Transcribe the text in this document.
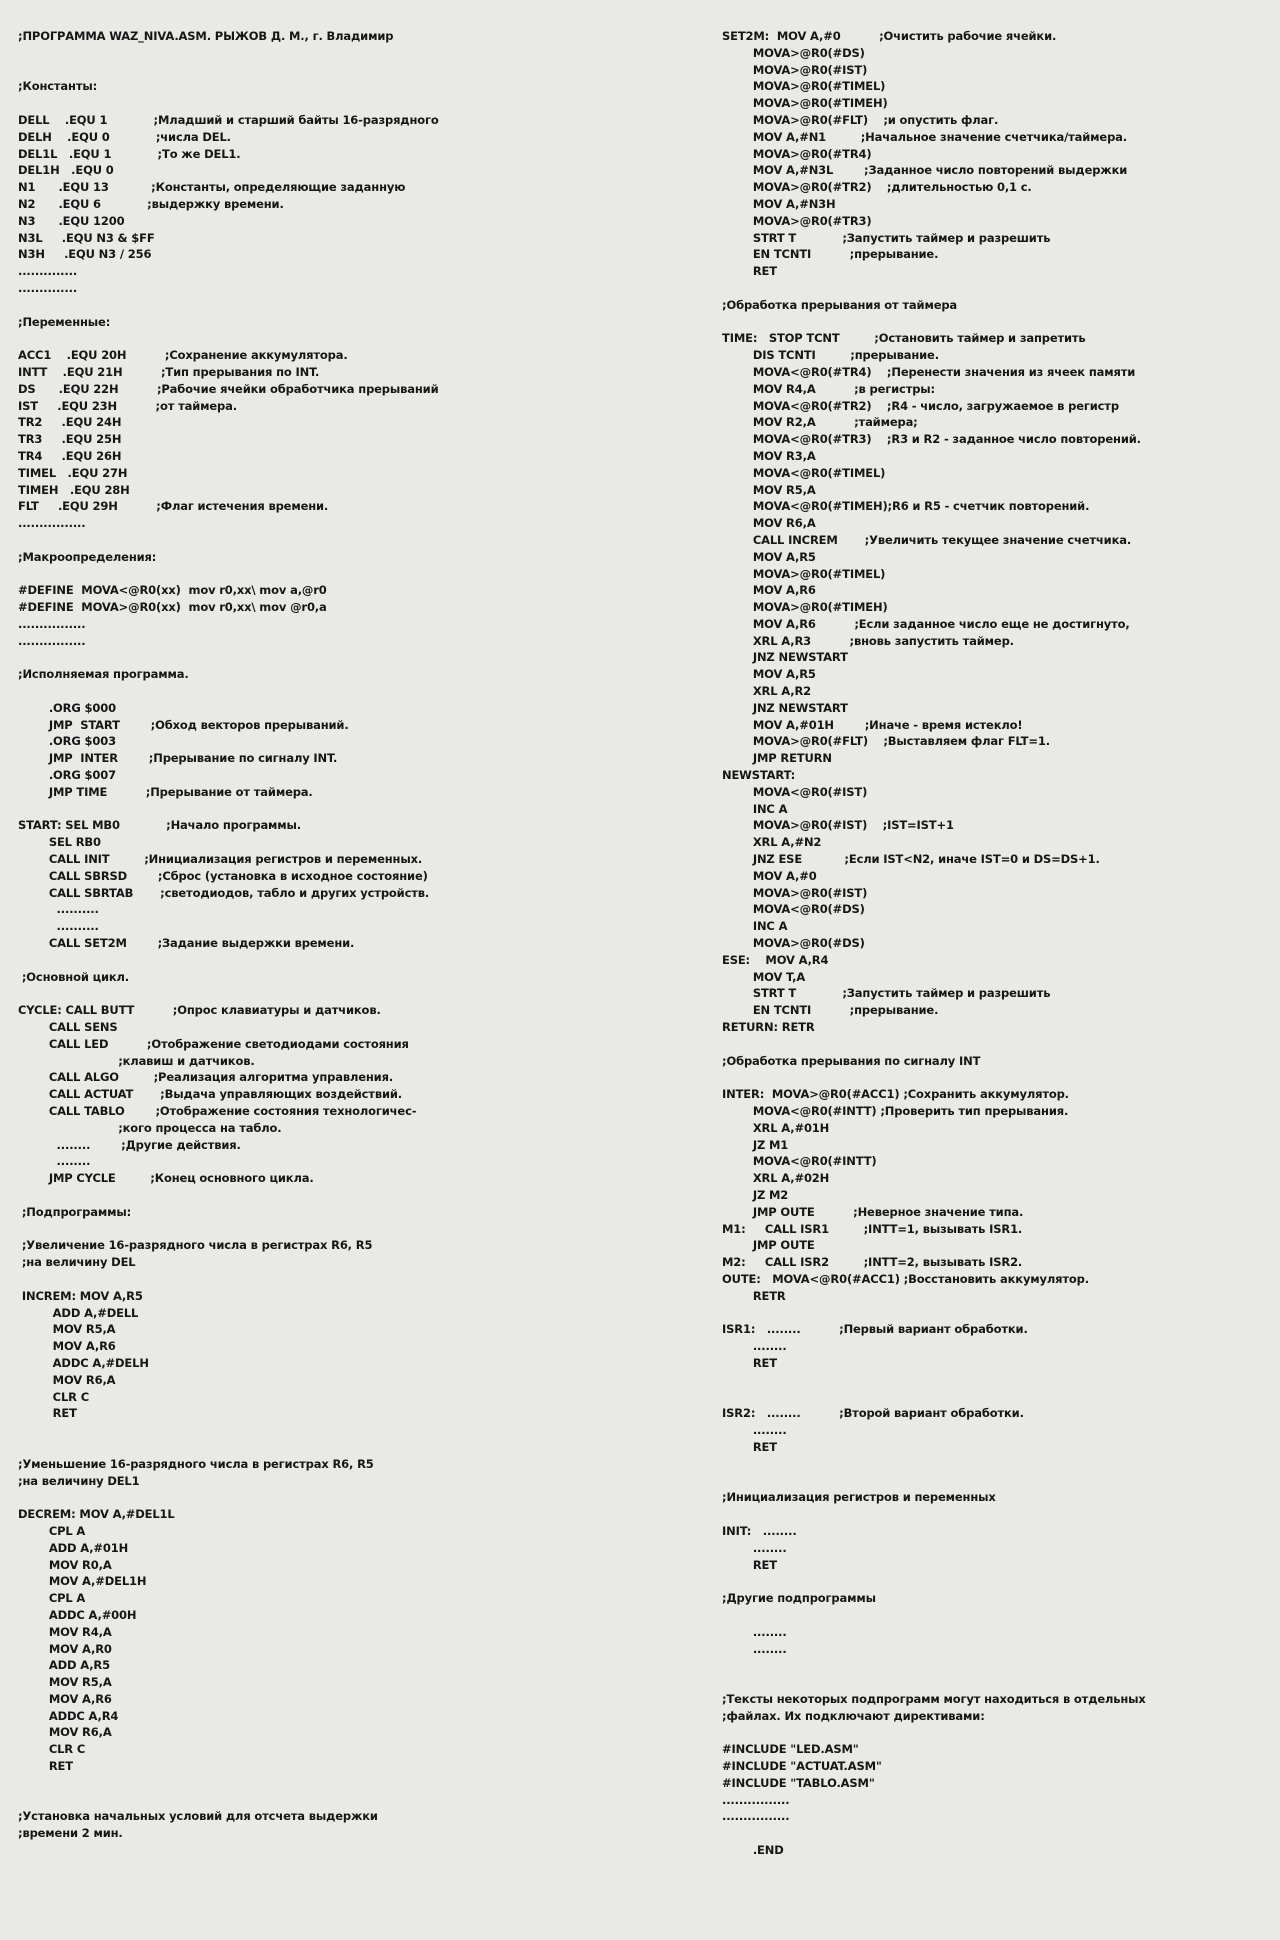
;ПРОГРАММА WAZ_NIVA.ASM. РЫЖОВ Д. М., г. Владимир
;Константы:
DELL    .EQU 1            ;Младший и старший байты 16-разрядного
DELH    .EQU 0            ;числа DEL.
DEL1L   .EQU 1            ;То же DEL1.
DEL1H   .EQU 0
N1      .EQU 13           ;Константы, определяющие заданную
N2      .EQU 6            ;выдержку времени.
N3      .EQU 1200
N3L     .EQU N3 & $FF
N3H     .EQU N3 / 256
..............
..............
;Переменные:
ACC1    .EQU 20H          ;Сохранение аккумулятора.
INTT    .EQU 21H          ;Тип прерывания по INT.
DS      .EQU 22H          ;Рабочие ячейки обработчика прерываний
IST     .EQU 23H          ;от таймера.
TR2     .EQU 24H
TR3     .EQU 25H
TR4     .EQU 26H
TIMEL   .EQU 27H
TIMEH   .EQU 28H
FLT     .EQU 29H          ;Флаг истечения времени.
................
;Макроопределения:
#DEFINE  MOVA<@R0(xx)  mov r0,xx\ mov a,@r0
#DEFINE  MOVA>@R0(xx)  mov r0,xx\ mov @r0,a
................
................
;Исполняемая программа.
.ORG $000
JMP  START        ;Обход векторов прерываний.
.ORG $003
JMP  INTER        ;Прерывание по сигналу INT.
.ORG $007
JMP TIME          ;Прерывание от таймера.
START: SEL MB0            ;Начало программы.
SEL RB0
CALL INIT         ;Инициализация регистров и переменных.
CALL SBRSD        ;Сброс (установка в исходное состояние)
CALL SBRTAB       ;светодиодов, табло и других устройств.
..........
..........
CALL SET2M        ;Задание выдержки времени.
;Основной цикл.
CYCLE: CALL BUTT          ;Опрос клавиатуры и датчиков.
CALL SENS
CALL LED          ;Отображение светодиодами состояния
;клавиш и датчиков.
CALL ALGO         ;Реализация алгоритма управления.
CALL ACTUAT       ;Выдача управляющих воздействий.
CALL TABLO        ;Отображение состояния технологичес-
;кого процесса на табло.
........        ;Другие действия.
........
JMP CYCLE         ;Конец основного цикла.
;Подпрограммы:
;Увеличение 16-разрядного числа в регистрах R6, R5
;на величину DEL
INCREM: MOV A,R5
ADD A,#DELL
MOV R5,A
MOV A,R6
ADDC A,#DELH
MOV R6,A
CLR C
RET
;Уменьшение 16-разрядного числа в регистрах R6, R5
;на величину DEL1
DECREM: MOV A,#DEL1L
CPL A
ADD A,#01H
MOV R0,A
MOV A,#DEL1H
CPL A
ADDC A,#00H
MOV R4,A
MOV A,R0
ADD A,R5
MOV R5,A
MOV A,R6
ADDC A,R4
MOV R6,A
CLR C
RET
;Установка начальных условий для отсчета выдержки
;времени 2 мин.
SET2M:  MOV A,#0          ;Очистить рабочие ячейки.
MOVA>@R0(#DS)
MOVA>@R0(#IST)
MOVA>@R0(#TIMEL)
MOVA>@R0(#TIMEH)
MOVA>@R0(#FLT)    ;и опустить флаг.
MOV A,#N1         ;Начальное значение счетчика/таймера.
MOVA>@R0(#TR4)
MOV A,#N3L        ;Заданное число повторений выдержки
MOVA>@R0(#TR2)    ;длительностью 0,1 с.
MOV A,#N3H
MOVA>@R0(#TR3)
STRT T            ;Запустить таймер и разрешить
EN TCNTI          ;прерывание.
RET
;Обработка прерывания от таймера
TIME:   STOP TCNT         ;Остановить таймер и запретить
DIS TCNTI         ;прерывание.
MOVA<@R0(#TR4)    ;Перенести значения из ячеек памяти
MOV R4,A          ;в регистры:
MOVA<@R0(#TR2)    ;R4 - число, загружаемое в регистр
MOV R2,A          ;таймера;
MOVA<@R0(#TR3)    ;R3 и R2 - заданное число повторений.
MOV R3,A
MOVA<@R0(#TIMEL)
MOV R5,A
MOVA<@R0(#TIMEH);R6 и R5 - счетчик повторений.
MOV R6,A
CALL INCREM       ;Увеличить текущее значение счетчика.
MOV A,R5
MOVA>@R0(#TIMEL)
MOV A,R6
MOVA>@R0(#TIMEH)
MOV A,R6          ;Если заданное число еще не достигнуто,
XRL A,R3          ;вновь запустить таймер.
JNZ NEWSTART
MOV A,R5
XRL A,R2
JNZ NEWSTART
MOV A,#01H        ;Иначе - время истекло!
MOVA>@R0(#FLT)    ;Выставляем флаг FLT=1.
JMP RETURN
NEWSTART:
MOVA<@R0(#IST)
INC A
MOVA>@R0(#IST)    ;IST=IST+1
XRL A,#N2
JNZ ESE           ;Если IST<N2, иначе IST=0 и DS=DS+1.
MOV A,#0
MOVA>@R0(#IST)
MOVA<@R0(#DS)
INC A
MOVA>@R0(#DS)
ESE:    MOV A,R4
MOV T,A
STRT T            ;Запустить таймер и разрешить
EN TCNTI          ;прерывание.
RETURN: RETR
;Обработка прерывания по сигналу INT
INTER:  MOVA>@R0(#ACC1) ;Сохранить аккумулятор.
MOVA<@R0(#INTT) ;Проверить тип прерывания.
XRL A,#01H
JZ M1
MOVA<@R0(#INTT)
XRL A,#02H
JZ M2
JMP OUTE          ;Неверное значение типа.
M1:     CALL ISR1         ;INTT=1, вызывать ISR1.
JMP OUTE
M2:     CALL ISR2         ;INTT=2, вызывать ISR2.
OUTE:   MOVA<@R0(#ACC1) ;Восстановить аккумулятор.
RETR
ISR1:   ........          ;Первый вариант обработки.
........
RET
ISR2:   ........          ;Второй вариант обработки.
........
RET
;Инициализация регистров и переменных
INIT:   ........
........
RET
;Другие подпрограммы
........
........
;Тексты некоторых подпрограмм могут находиться в отдельных
;файлах. Их подключают директивами:
#INCLUDE "LED.ASM"
#INCLUDE "ACTUAT.ASM"
#INCLUDE "TABLO.ASM"
................
................
.END
